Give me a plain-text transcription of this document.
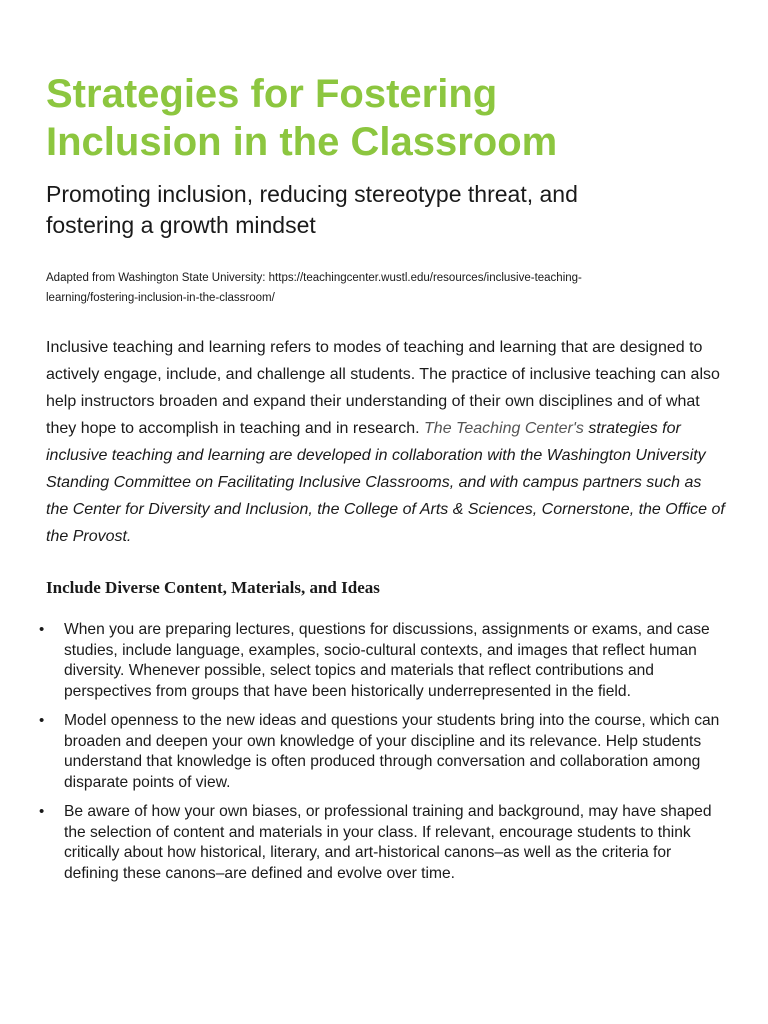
Strategies for Fostering
Inclusion in the Classroom
Promoting inclusion, reducing stereotype threat, and
fostering a growth mindset

Adapted from Washington State University: https://teachingcenter.wustl.edu/resources/inclusive-teaching-
learning/fostering-inclusion-in-the-classroom/

Inclusive teaching and learning refers to modes of teaching and learning that are designed to actively engage, include, and challenge all students. The practice of inclusive teaching can also help instructors broaden and expand their understanding of their own disciplines and of what they hope to accomplish in teaching and in research. The Teaching Center's strategies for inclusive teaching and learning are developed in collaboration with the Washington University Standing Committee on Facilitating Inclusive Classrooms, and with campus partners such as the Center for Diversity and Inclusion, the College of Arts & Sciences, Cornerstone, the Office of the Provost.

Include Diverse Content, Materials, and Ideas
• When you are preparing lectures, questions for discussions, assignments or exams, and case studies, include language, examples, socio-cultural contexts, and images that reflect human diversity. Whenever possible, select topics and materials that reflect contributions and perspectives from groups that have been historically underrepresented in the field.
• Model openness to the new ideas and questions your students bring into the course, which can broaden and deepen your own knowledge of your discipline and its relevance. Help students understand that knowledge is often produced through conversation and collaboration among disparate points of view.
• Be aware of how your own biases, or professional training and background, may have shaped the selection of content and materials in your class. If relevant, encourage students to think critically about how historical, literary, and art-historical canons–as well as the criteria for defining these canons–are defined and evolve over time.
